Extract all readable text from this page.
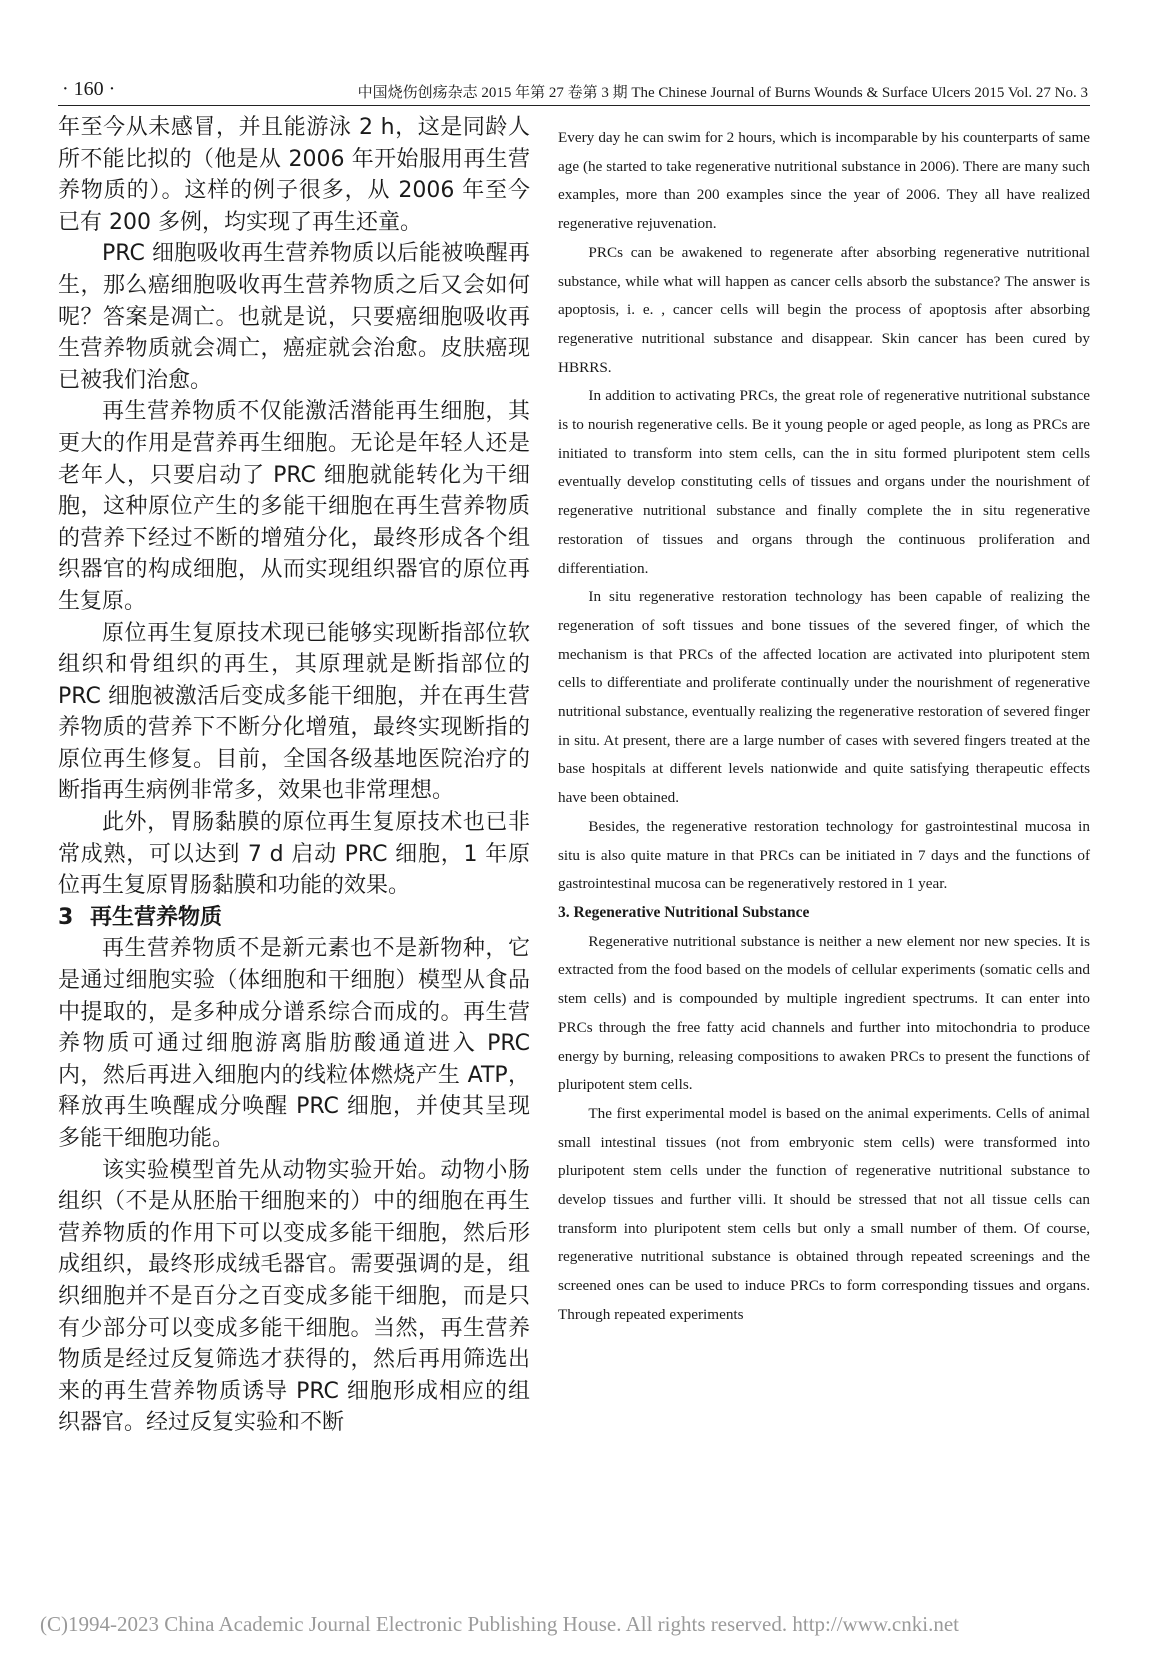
· 160 ·	中国烧伤创疡杂志 2015 年第 27 卷第 3 期 The Chinese Journal of Burns Wounds & Surface Ulcers 2015 Vol. 27 No. 3

年至今从未感冒，并且能游泳 2 h，这是同龄人所不能比拟的（他是从 2006 年开始服用再生营养物质的）。这样的例子很多，从 2006 年至今已有 200 多例，均实现了再生还童。

PRC 细胞吸收再生营养物质以后能被唤醒再生，那么癌细胞吸收再生营养物质之后又会如何呢？答案是凋亡。也就是说，只要癌细胞吸收再生营养物质就会凋亡，癌症就会治愈。皮肤癌现已被我们治愈。

再生营养物质不仅能激活潜能再生细胞，其更大的作用是营养再生细胞。无论是年轻人还是老年人，只要启动了 PRC 细胞就能转化为干细胞，这种原位产生的多能干细胞在再生营养物质的营养下经过不断的增殖分化，最终形成各个组织器官的构成细胞，从而实现组织器官的原位再生复原。

原位再生复原技术现已能够实现断指部位软组织和骨组织的再生，其原理就是断指部位的 PRC 细胞被激活后变成多能干细胞，并在再生营养物质的营养下不断分化增殖，最终实现断指的原位再生修复。目前，全国各级基地医院治疗的断指再生病例非常多，效果也非常理想。

此外，胃肠黏膜的原位再生复原技术也已非常成熟，可以达到 7 d 启动 PRC 细胞，1 年原位再生复原胃肠黏膜和功能的效果。

3 再生营养物质

再生营养物质不是新元素也不是新物种，它是通过细胞实验（体细胞和干细胞）模型从食品中提取的，是多种成分谱系综合而成的。再生营养物质可通过细胞游离脂肪酸通道进入 PRC 内，然后再进入细胞内的线粒体燃烧产生 ATP，释放再生唤醒成分唤醒 PRC 细胞，并使其呈现多能干细胞功能。

该实验模型首先从动物实验开始。动物小肠组织（不是从胚胎干细胞来的）中的细胞在再生营养物质的作用下可以变成多能干细胞，然后形成组织，最终形成绒毛器官。需要强调的是，组织细胞并不是百分之百变成多能干细胞，而是只有少部分可以变成多能干细胞。当然，再生营养物质是经过反复筛选才获得的，然后再用筛选出来的再生营养物质诱导 PRC 细胞形成相应的组织器官。经过反复实验和不断

Every day he can swim for 2 hours, which is incomparable by his counterparts of same age (he started to take regenerative nutritional substance in 2006). There are many such examples, more than 200 examples since the year of 2006. They all have realized regenerative rejuvenation.

PRCs can be awakened to regenerate after absorbing regenerative nutritional substance, while what will happen as cancer cells absorb the substance? The answer is apoptosis, i. e. , cancer cells will begin the process of apoptosis after absorbing regenerative nutritional substance and disappear. Skin cancer has been cured by HBRRS.

In addition to activating PRCs, the great role of regenerative nutritional substance is to nourish regenerative cells. Be it young people or aged people, as long as PRCs are initiated to transform into stem cells, can the in situ formed pluripotent stem cells eventually develop constituting cells of tissues and organs under the nourishment of regenerative nutritional substance and finally complete the in situ regenerative restoration of tissues and organs through the continuous proliferation and differentiation.

In situ regenerative restoration technology has been capable of realizing the regeneration of soft tissues and bone tissues of the severed finger, of which the mechanism is that PRCs of the affected location are activated into pluripotent stem cells to differentiate and proliferate continually under the nourishment of regenerative nutritional substance, eventually realizing the regenerative restoration of severed finger in situ. At present, there are a large number of cases with severed fingers treated at the base hospitals at different levels nationwide and quite satisfying therapeutic effects have been obtained.

Besides, the regenerative restoration technology for gastrointestinal mucosa in situ is also quite mature in that PRCs can be initiated in 7 days and the functions of gastrointestinal mucosa can be regeneratively restored in 1 year.

3. Regenerative Nutritional Substance

Regenerative nutritional substance is neither a new element nor new species. It is extracted from the food based on the models of cellular experiments (somatic cells and stem cells) and is compounded by multiple ingredient spectrums. It can enter into PRCs through the free fatty acid channels and further into mitochondria to produce energy by burning, releasing compositions to awaken PRCs to present the functions of pluripotent stem cells.

The first experimental model is based on the animal experiments. Cells of animal small intestinal tissues (not from embryonic stem cells) were transformed into pluripotent stem cells under the function of regenerative nutritional substance to develop tissues and further villi. It should be stressed that not all tissue cells can transform into pluripotent stem cells but only a small number of them. Of course, regenerative nutritional substance is obtained through repeated screenings and the screened ones can be used to induce PRCs to form corresponding tissues and organs. Through repeated experiments

(C)1994-2023 China Academic Journal Electronic Publishing House. All rights reserved. http://www.cnki.net
